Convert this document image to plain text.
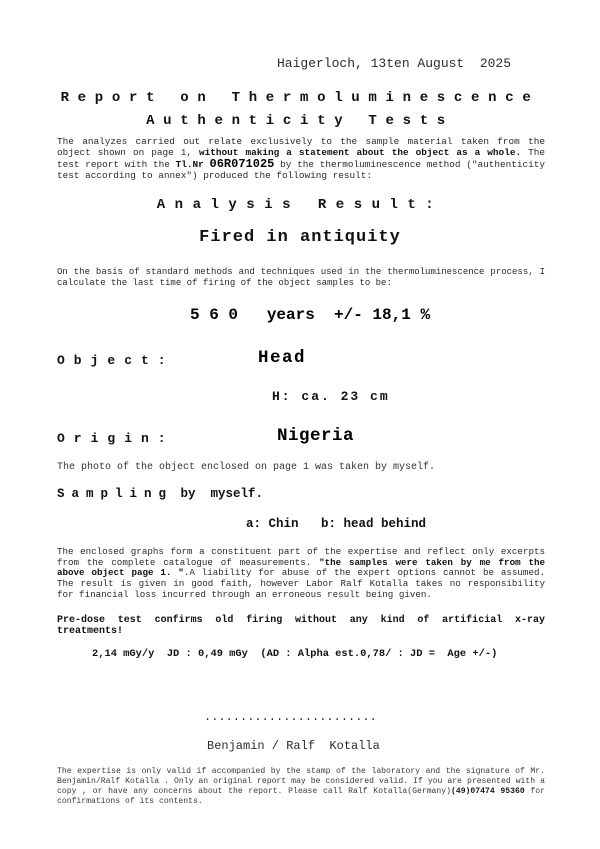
Haigerloch, 13ten August  2025
Report on Thermoluminescence
Authenticity Tests
The analyzes carried out relate exclusively to the sample material taken from the object shown on page 1, without making a statement about the object as a whole. The test report with the Tl.Nr 06R071025 by the thermoluminescence method ("authenticity test according to annex") produced the following result:
Analysis Result:
Fired in antiquity
On the basis of standard methods and techniques used in the thermoluminescence process, I calculate the last time of firing of the object samples to be:
5 6 0   years  +/- 18,1 %
Object:	Head
H: ca. 23 cm
Origin:	Nigeria
The photo of the object enclosed on page 1 was taken by myself.
Sampling by  myself.
a: Chin   b: head behind
The enclosed graphs form a constituent part of the expertise and reflect only excerpts from the complete catalogue of measurements. "the samples were taken by me from the above object page 1. ".A liability for abuse of the expert options cannot be assumed. The result is given in good faith, however Labor Ralf Kotalla takes no responsibility for financial loss incurred through an erroneous result being given.
Pre-dose test confirms old firing without any kind of artificial x-ray treatments!
2,14 mGy/y  JD : 0,49 mGy  (AD : Alpha est.0,78/ : JD =  Age +/-)
........................
Benjamin / Ralf  Kotalla
The expertise is only valid if accompanied by the stamp of the laboratory and the signature of Mr. Benjamin/Ralf Kotalla . Only an original report may be considered valid. If you are presented with a copy , or have any concerns about the report. Please call Ralf Kotalla(Germany)(49)07474 95360 for confirmations of its contents.
